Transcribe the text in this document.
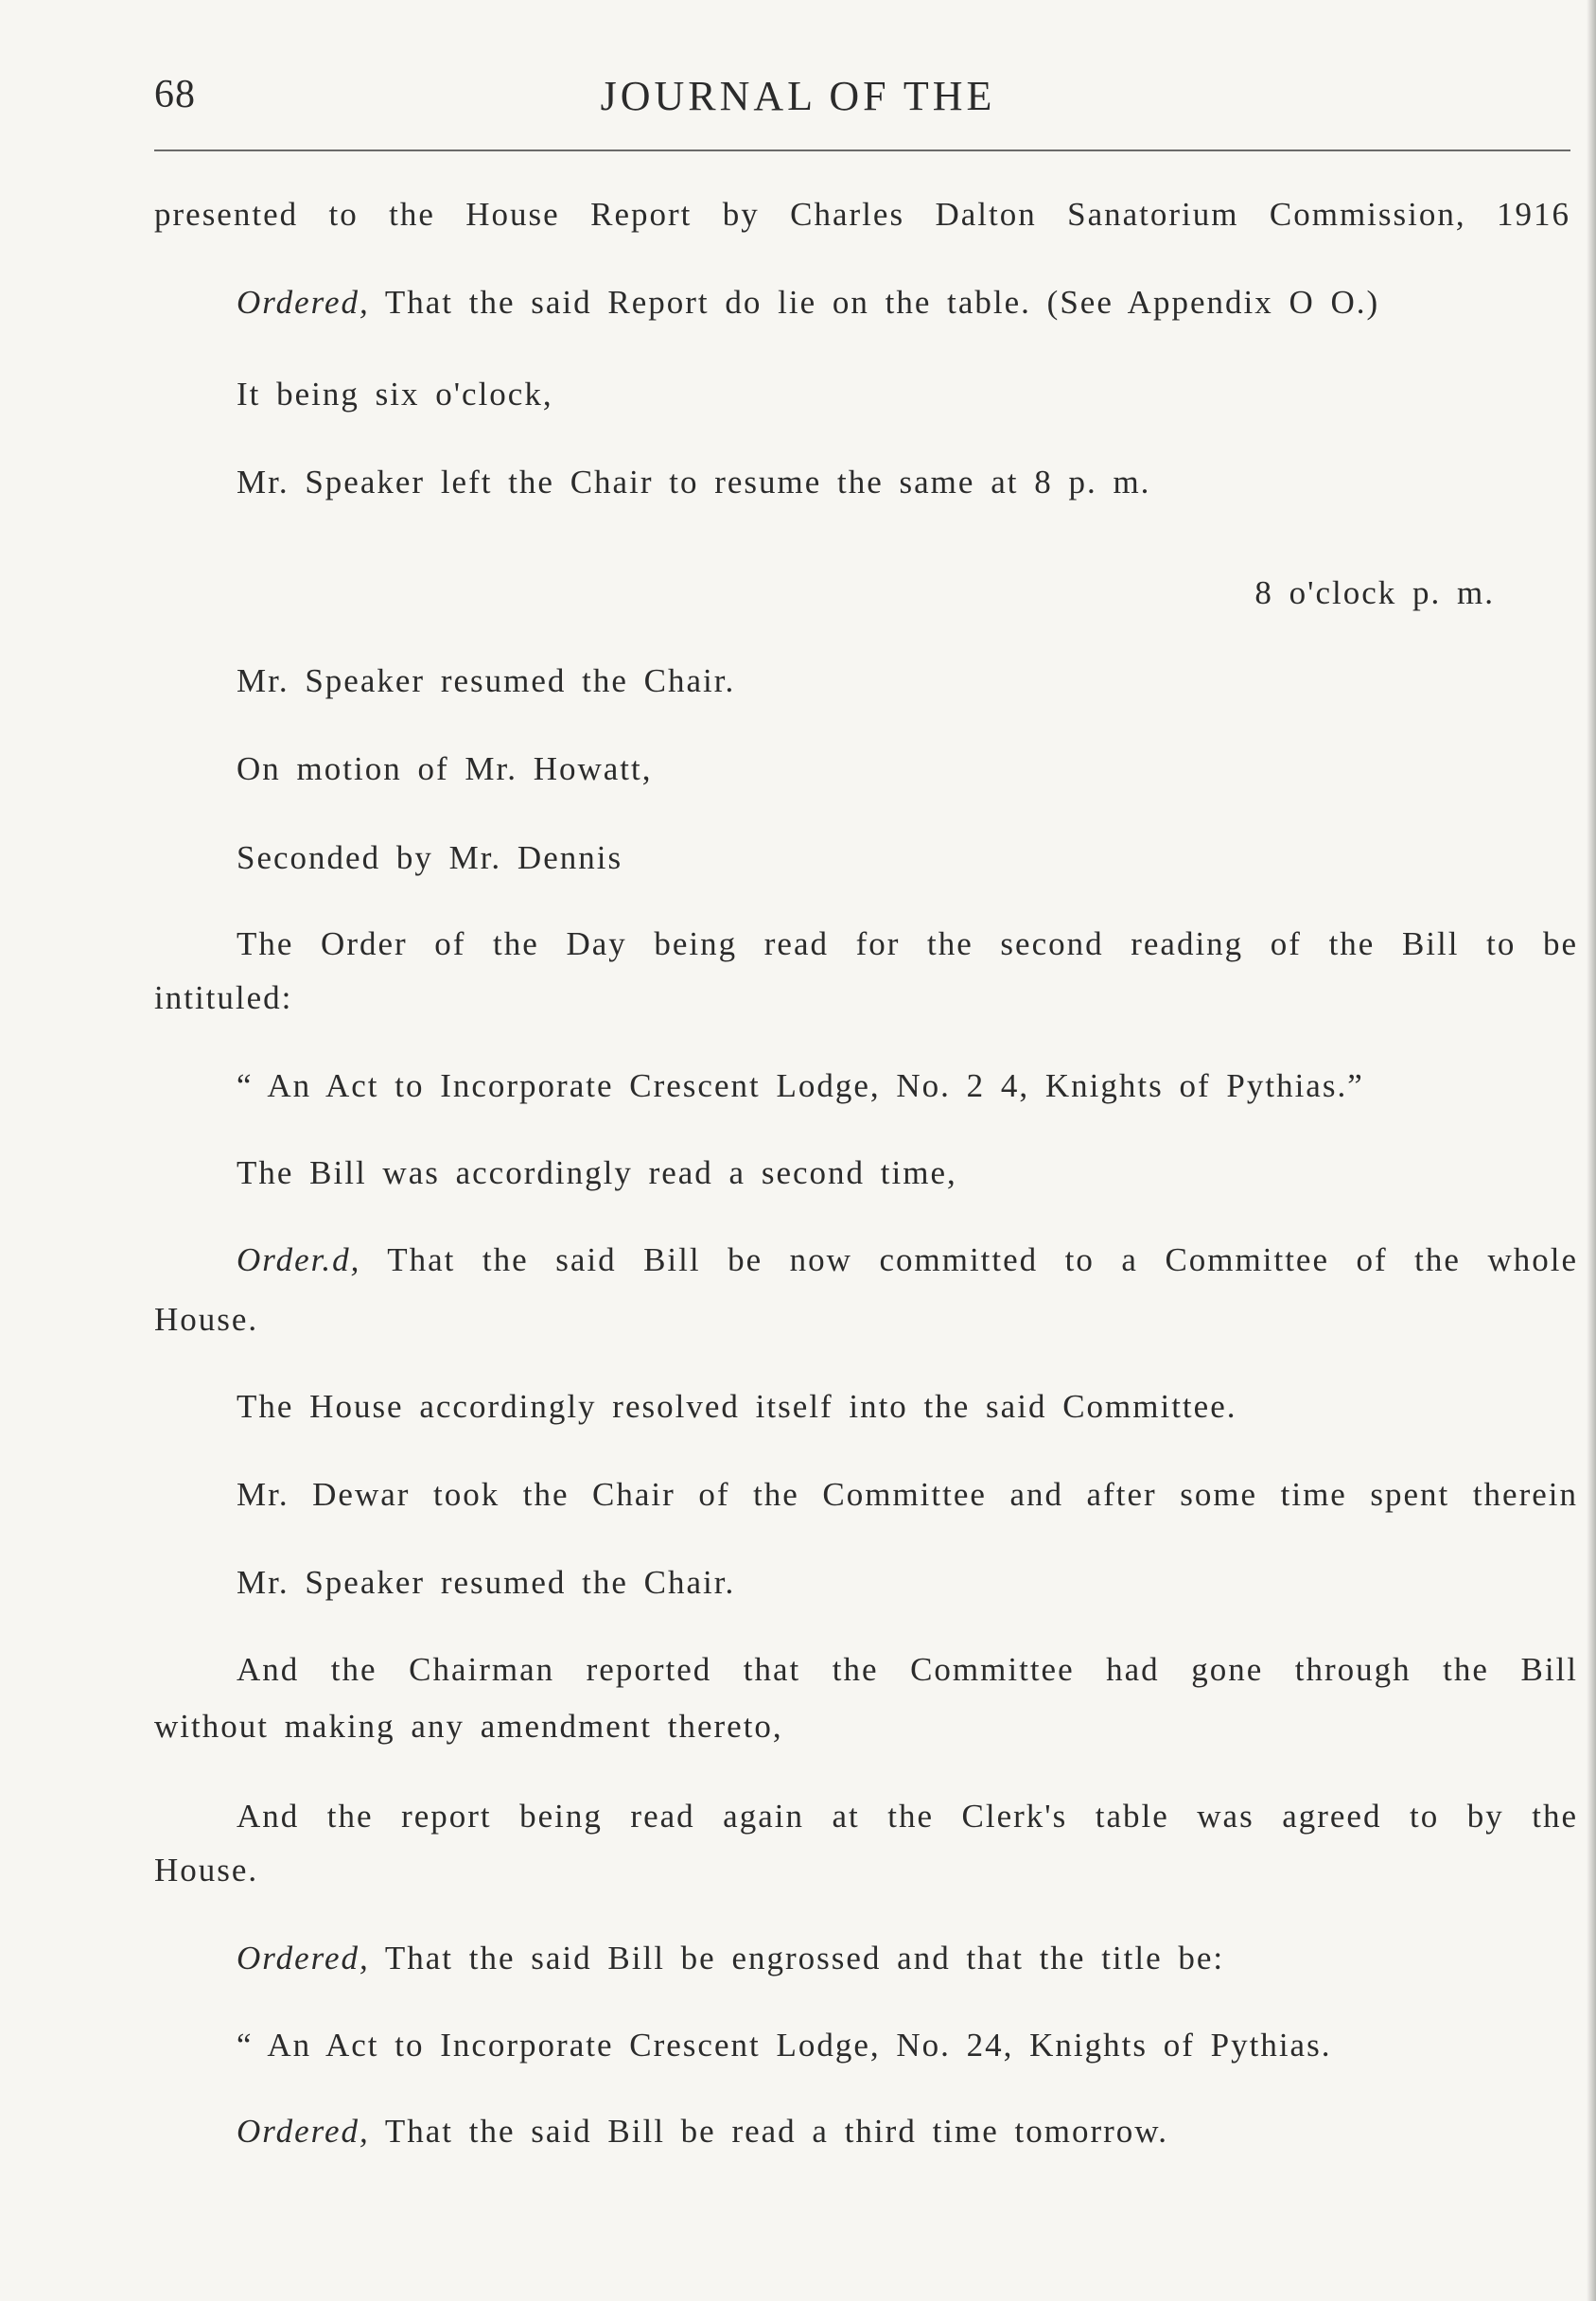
68	JOURNAL OF THE
presented to the House Report by Charles Dalton Sanatorium Commission, 1916
Ordered, That the said Report do lie on the table. (See Appendix O O.)
It being six o'clock,
Mr. Speaker left the Chair to resume the same at 8 p. m.
8 o'clock p. m.
Mr. Speaker resumed the Chair.
On motion of Mr. Howatt,
Seconded by Mr. Dennis
The Order of the Day being read for the second reading of the Bill to be
intituled:
“ An Act to Incorporate Crescent Lodge, No. 2 4, Knights of Pythias.”
The Bill was accordingly read a second time,
Order.d, That the said Bill be now committed to a Committee of the whole
House.
The House accordingly resolved itself into the said Committee.
Mr. Dewar took the Chair of the Committee and after some time spent therein
Mr. Speaker resumed the Chair.
And the Chairman reported that the Committee had gone through the Bill
without making any amendment thereto,
And the report being read again at the Clerk's table was agreed to by the
House.
Ordered, That the said Bill be engrossed and that the title be:
“ An Act to Incorporate Crescent Lodge, No. 24, Knights of Pythias.
Ordered, That the said Bill be read a third time tomorrow.
